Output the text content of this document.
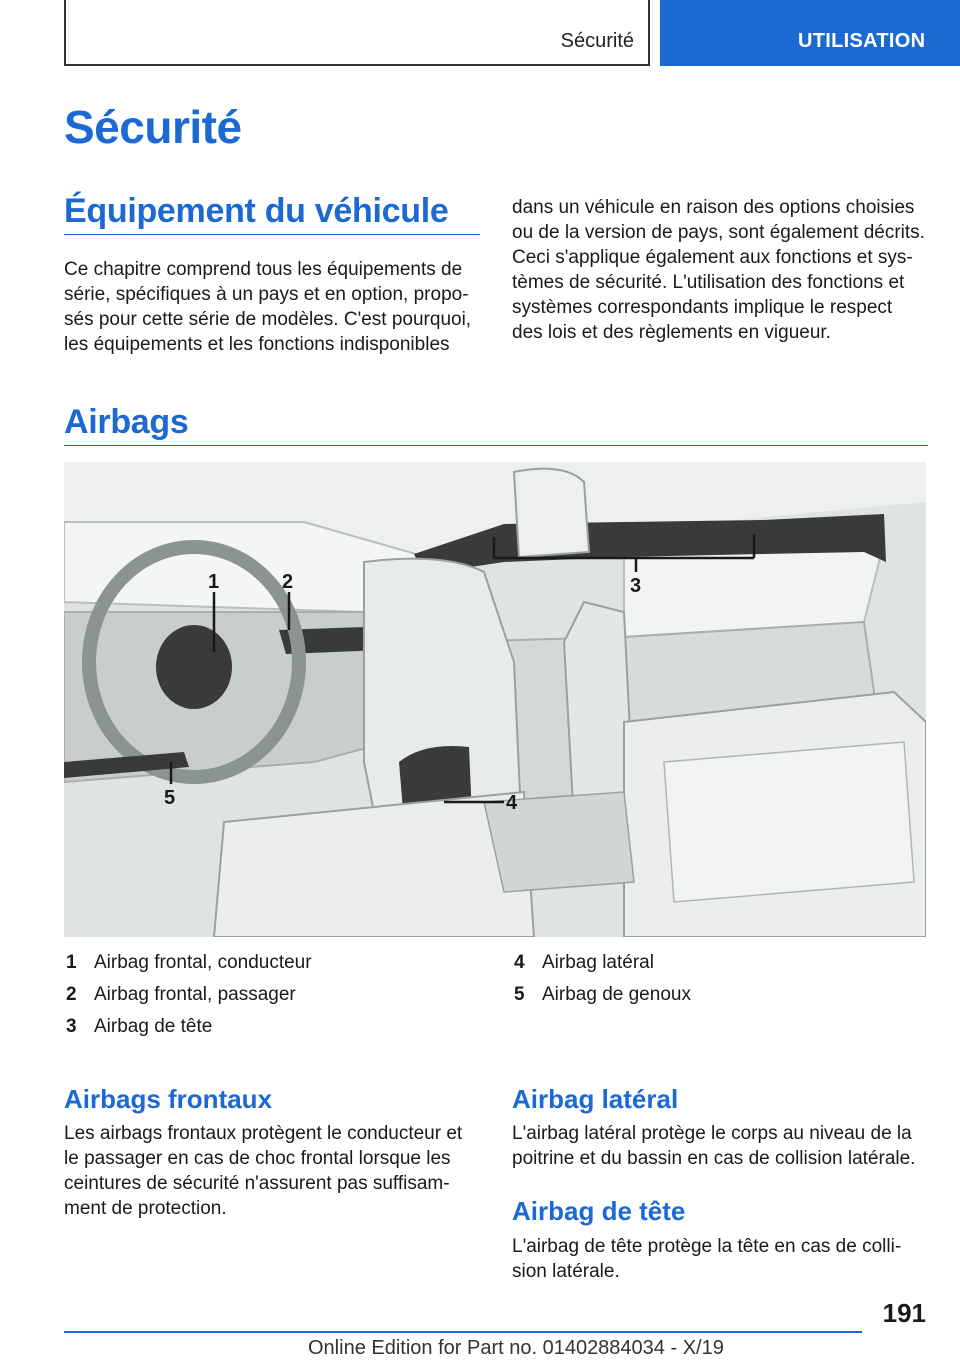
Sécurité	UTILISATION
Sécurité
Équipement du véhicule
Ce chapitre comprend tous les équipements de
série, spécifiques à un pays et en option, propo-
sés pour cette série de modèles. C'est pourquoi,
les équipements et les fonctions indisponibles
dans un véhicule en raison des options choisies
ou de la version de pays, sont également décrits.
Ceci s'applique également aux fonctions et sys-
tèmes de sécurité. L'utilisation des fonctions et
systèmes correspondants implique le respect
des lois et des règlements en vigueur.
Airbags
1	2	3
4
5
1 Airbag frontal, conducteur
2 Airbag frontal, passager
3 Airbag de tête
4 Airbag latéral
5 Airbag de genoux
Airbags frontaux
Les airbags frontaux protègent le conducteur et
le passager en cas de choc frontal lorsque les
ceintures de sécurité n'assurent pas suffisam-
ment de protection.
Airbag latéral
L'airbag latéral protège le corps au niveau de la
poitrine et du bassin en cas de collision latérale.
Airbag de tête
L'airbag de tête protège la tête en cas de colli-
sion latérale.
191
Online Edition for Part no. 01402884034 - X/19
